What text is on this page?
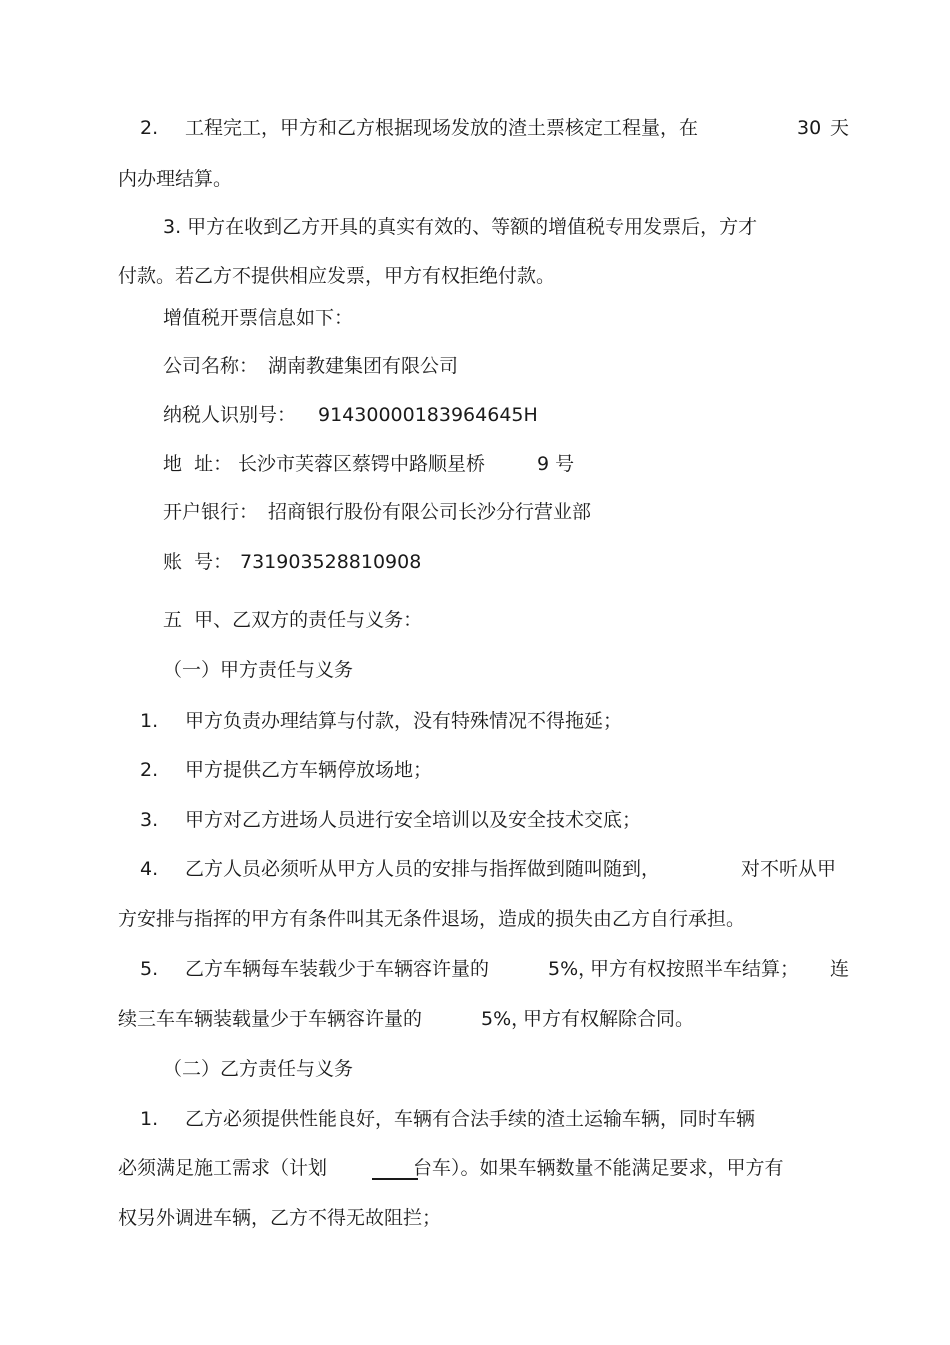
2. 工程完工，甲方和乙方根据现场发放的渣土票核定工程量，在	30 天
内办理结算。
3. 甲方在收到乙方开具的真实有效的、等额的增值税专用发票后，方才
付款。若乙方不提供相应发票，甲方有权拒绝付款。
增值税开票信息如下：
公司名称： 湖南教建集团有限公司
纳税人识别号： 91430000183964645H
地  址： 长沙市芙蓉区蔡锷中路顺星桥	9 号
开户银行： 招商银行股份有限公司长沙分行营业部
账  号： 731903528810908
五  甲、乙双方的责任与义务：
（一）甲方责任与义务
1. 甲方负责办理结算与付款，没有特殊情况不得拖延；
2. 甲方提供乙方车辆停放场地；
3. 甲方对乙方进场人员进行安全培训以及安全技术交底；
4. 乙方人员必须听从甲方人员的安排与指挥做到随叫随到，	对不听从甲
方安排与指挥的甲方有条件叫其无条件退场，造成的损失由乙方自行承担。
5. 乙方车辆每车装载少于车辆容许量的	5%，
甲方有权按照半车结算； 连
续三车车辆装载量少于车辆容许量的	5%，
甲方有权解除合同。
（二）乙方责任与义务
1. 乙方必须提供性能良好，车辆有合法手续的渣土运输车辆，同时车辆
必须满足施工需求（计划	台车）。如果车辆数量不能满足要求，甲方有
权另外调进车辆，乙方不得无故阻拦；
